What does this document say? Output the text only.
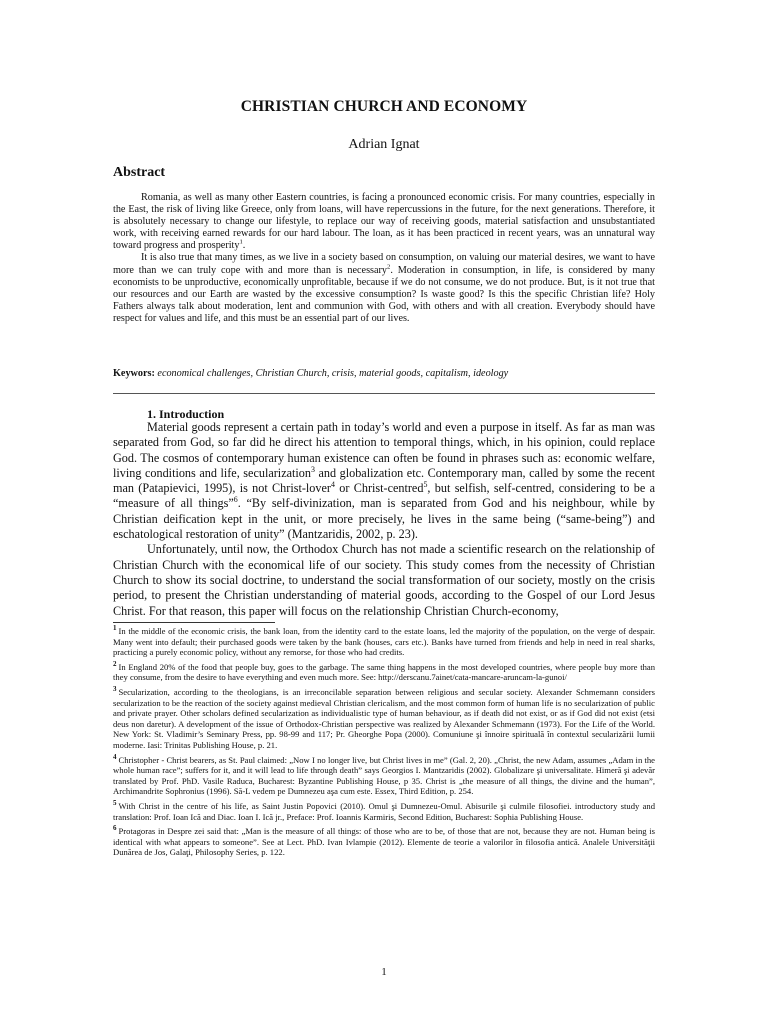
CHRISTIAN CHURCH AND ECONOMY

Adrian Ignat

Abstract

Romania, as well as many other Eastern countries, is facing a pronounced economic crisis. For many countries, especially in the East, the risk of living like Greece, only from loans, will have repercussions in the future, for the next generations. Therefore, it is absolutely necessary to change our lifestyle, to replace our way of receiving goods, material satisfaction and unsubstantiated work, with receiving earned rewards for our hard labour. The loan, as it has been practiced in recent years, was an unnatural way toward progress and prosperity$^1$.

It is also true that many times, as we live in a society based on consumption, on valuing our material desires, we want to have more than we can truly cope with and more than is necessary$^2$. Moderation in consumption, in life, is considered by many economists to be unproductive, economically unprofitable, because if we do not consume, we do not produce. But, is it not true that our resources and our Earth are wasted by the excessive consumption? Is waste good? Is this the specific Christian life? Holy Fathers always talk about moderation, lent and communion with God, with others and with all creation. Everybody should have respect for values and life, and this must be an essential part of our lives.

Keywors: economical challenges, Christian Church, crisis, material goods, capitalism, ideology
1. Introduction

Material goods represent a certain path in today’s world and even a purpose in itself. As far as man was separated from God, so far did he direct his attention to temporal things, which, in his opinion, could replace God. The cosmos of contemporary human existence can often be found in phrases such as: economic welfare, living conditions and life, secularization$^3$ and globalization etc. Contemporary man, called by some the recent man (Patapievici, 1995), is not Christ-lover$^4$ or Christ-centred$^5$, but selfish, self-centred, considering to be a “measure of all things”$^6$. “By self-divinization, man is separated from God and his neighbour, while by Christian deification kept in the unit, or more precisely, he lives in the same being (“same-being”) and eschatological restoration of unity” (Mantzaridis, 2002, p. 23).

Unfortunately, until now, the Orthodox Church has not made a scientific research on the relationship of Christian Church with the economical life of our society. This study comes from the necessity of Christian Church to show its social doctrine, to understand the social transformation of our society, mostly on the crisis period, to present the Christian understanding of material goods, according to the Gospel of our Lord Jesus Christ. For that reason, this paper will focus on the relationship Christian Church-economy,

$^1$ In the middle of the economic crisis, the bank loan, from the identity card to the estate loans, led the majority of the population, on the verge of despair. Many went into default; their purchased goods were taken by the bank (houses, cars etc.). Banks have turned from friends and help in need in real sharks, practicing a purely economic policy, without any remorse, for those who had credits.

$^2$ In England 20% of the food that people buy, goes to the garbage. The same thing happens in the most developed countries, where people buy more than they consume, from the desire to have everything and even much more. See: http://derscanu.7ainet/cata-mancare-aruncam-la-gunoi/

$^3$ Secularization, according to the theologians, is an irreconcilable separation between religious and secular society. Alexander Schmemann considers secularization to be the reaction of the society against medieval Christian clericalism, and the most common form of human life is no secularization of public and private prayer. Other scholars defined secularization as individualistic type of human behaviour, as if death did not exist, or as if God did not exist (etsi deus non daretur). A development of the issue of Orthodox-Christian perspective was realized by Alexander Schmemann (1973). For the Life of the World. New York: St. Vladimir’s Seminary Press, pp. 98-99 and 117; Pr. Gheorghe Popa (2000). Comuniune şi înnoire spirituală în contextul secularizării lumii moderne. Iasi: Trinitas Publishing House, p. 21.

$^4$ Christopher - Christ bearers, as St. Paul claimed: „Now I no longer live, but Christ lives in me” (Gal. 2, 20). „Christ, the new Adam, assumes „Adam in the whole human race”; suffers for it, and it will lead to life through death” says Georgios I. Mantzaridis (2002). Globalizare şi universalitate. Himeră şi adevăr translated by Prof. PhD. Vasile Raduca, Bucharest: Byzantine Publishing House, p 35. Christ is „the measure of all things, the divine and the human”, Archimandrite Sophronius (1996). Să-L vedem pe Dumnezeu aşa cum este. Essex, Third Edition, p. 254.

$^5$ With Christ in the centre of his life, as Saint Justin Popovici (2010). Omul şi Dumnezeu-Omul. Abisurile şi culmile filosofiei. introductory study and translation: Prof. Ioan Ică and Diac. Ioan I. Ică jr., Preface: Prof. Ioannis Karmiris, Second Edition, Bucharest: Sophia Publishing House.

$^6$ Protagoras in Despre zei said that: „Man is the measure of all things: of those who are to be, of those that are not, because they are not. Human being is identical with what appears to someone”. See at Lect. PhD. Ivan Ivlampie (2012). Elemente de teorie a valorilor în filosofia antică. Analele Universităţii Dunărea de Jos, Galaţi, Philosophy Series, p. 122.

1
